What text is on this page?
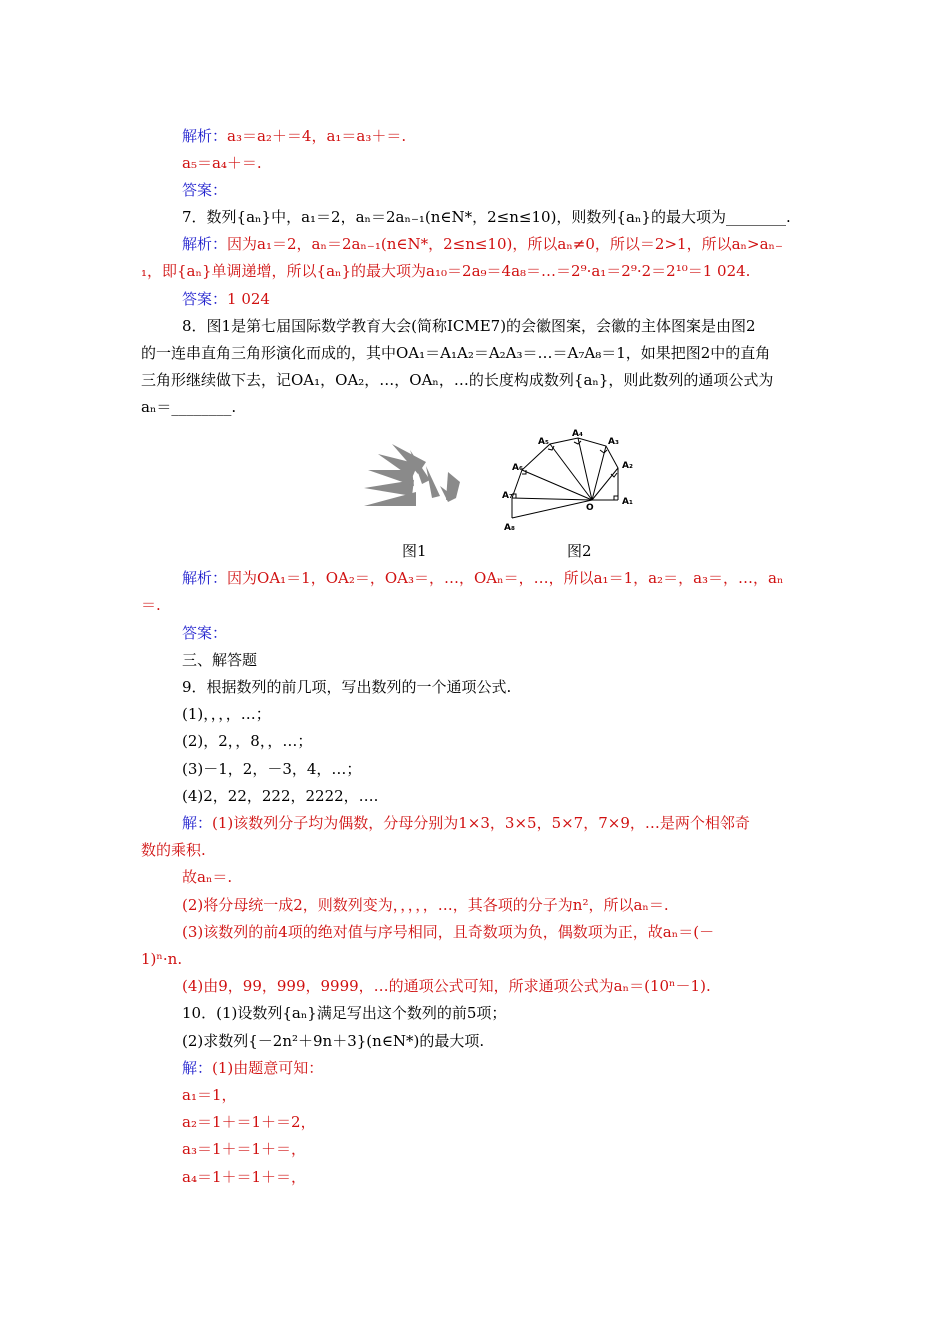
解析：a₃＝a₂＋＝4，a₁＝a₃＋＝.
a₅＝a₄＋＝.
答案：
7．数列{aₙ}中，a₁＝2，aₙ＝2aₙ₋₁(n∈N*，2≤n≤10)，则数列{aₙ}的最大项为________.
解析：因为a₁＝2，aₙ＝2aₙ₋₁(n∈N*，2≤n≤10)，所以aₙ≠0，所以＝2>1，所以aₙ>aₙ₋
₁，即{aₙ}单调递增，所以{aₙ}的最大项为a₁₀＝2a₉＝4a₈＝…＝2⁹·a₁＝2⁹·2＝2¹⁰＝1 024.
答案：1 024
8．图1是第七届国际数学教育大会(简称ICME7)的会徽图案，会徽的主体图案是由图2
的一连串直角三角形演化而成的，其中OA₁＝A₁A₂＝A₂A₃＝…＝A₇A₈＝1，如果把图2中的直角
三角形继续做下去，记OA₁，OA₂，…，OAₙ，…的长度构成数列{aₙ}，则此数列的通项公式为
aₙ＝________.
解析：因为OA₁＝1，OA₂＝，OA₃＝，…，OAₙ＝，…，所以a₁＝1，a₂＝，a₃＝，…，aₙ
＝.
答案：
三、解答题
9．根据数列的前几项，写出数列的一个通项公式.
(1)，，，，…；
(2)，2，，8，，…；
(3)－1，2，－3，4，…；
(4)2，22，222，2222，….
解：(1)该数列分子均为偶数，分母分别为1×3，3×5，5×7，7×9，…是两个相邻奇
数的乘积.
故aₙ＝.
(2)将分母统一成2，则数列变为，，，，，…，其各项的分子为n²，所以aₙ＝.
(3)该数列的前4项的绝对值与序号相同，且奇数项为负，偶数项为正，故aₙ＝(－
1)ⁿ·n.
(4)由9，99，999，9999，…的通项公式可知，所求通项公式为aₙ＝(10ⁿ－1).
10．(1)设数列{aₙ}满足写出这个数列的前5项；
(2)求数列{－2n²＋9n＋3}(n∈N*)的最大项.
解：(1)由题意可知：
a₁＝1，
a₂＝1＋＝1＋＝2，
a₃＝1＋＝1＋＝，
a₄＝1＋＝1＋＝，
A₁
A₂
A₃
A₄
A₅
A₆
A₇
A₈
O
图1	图2
